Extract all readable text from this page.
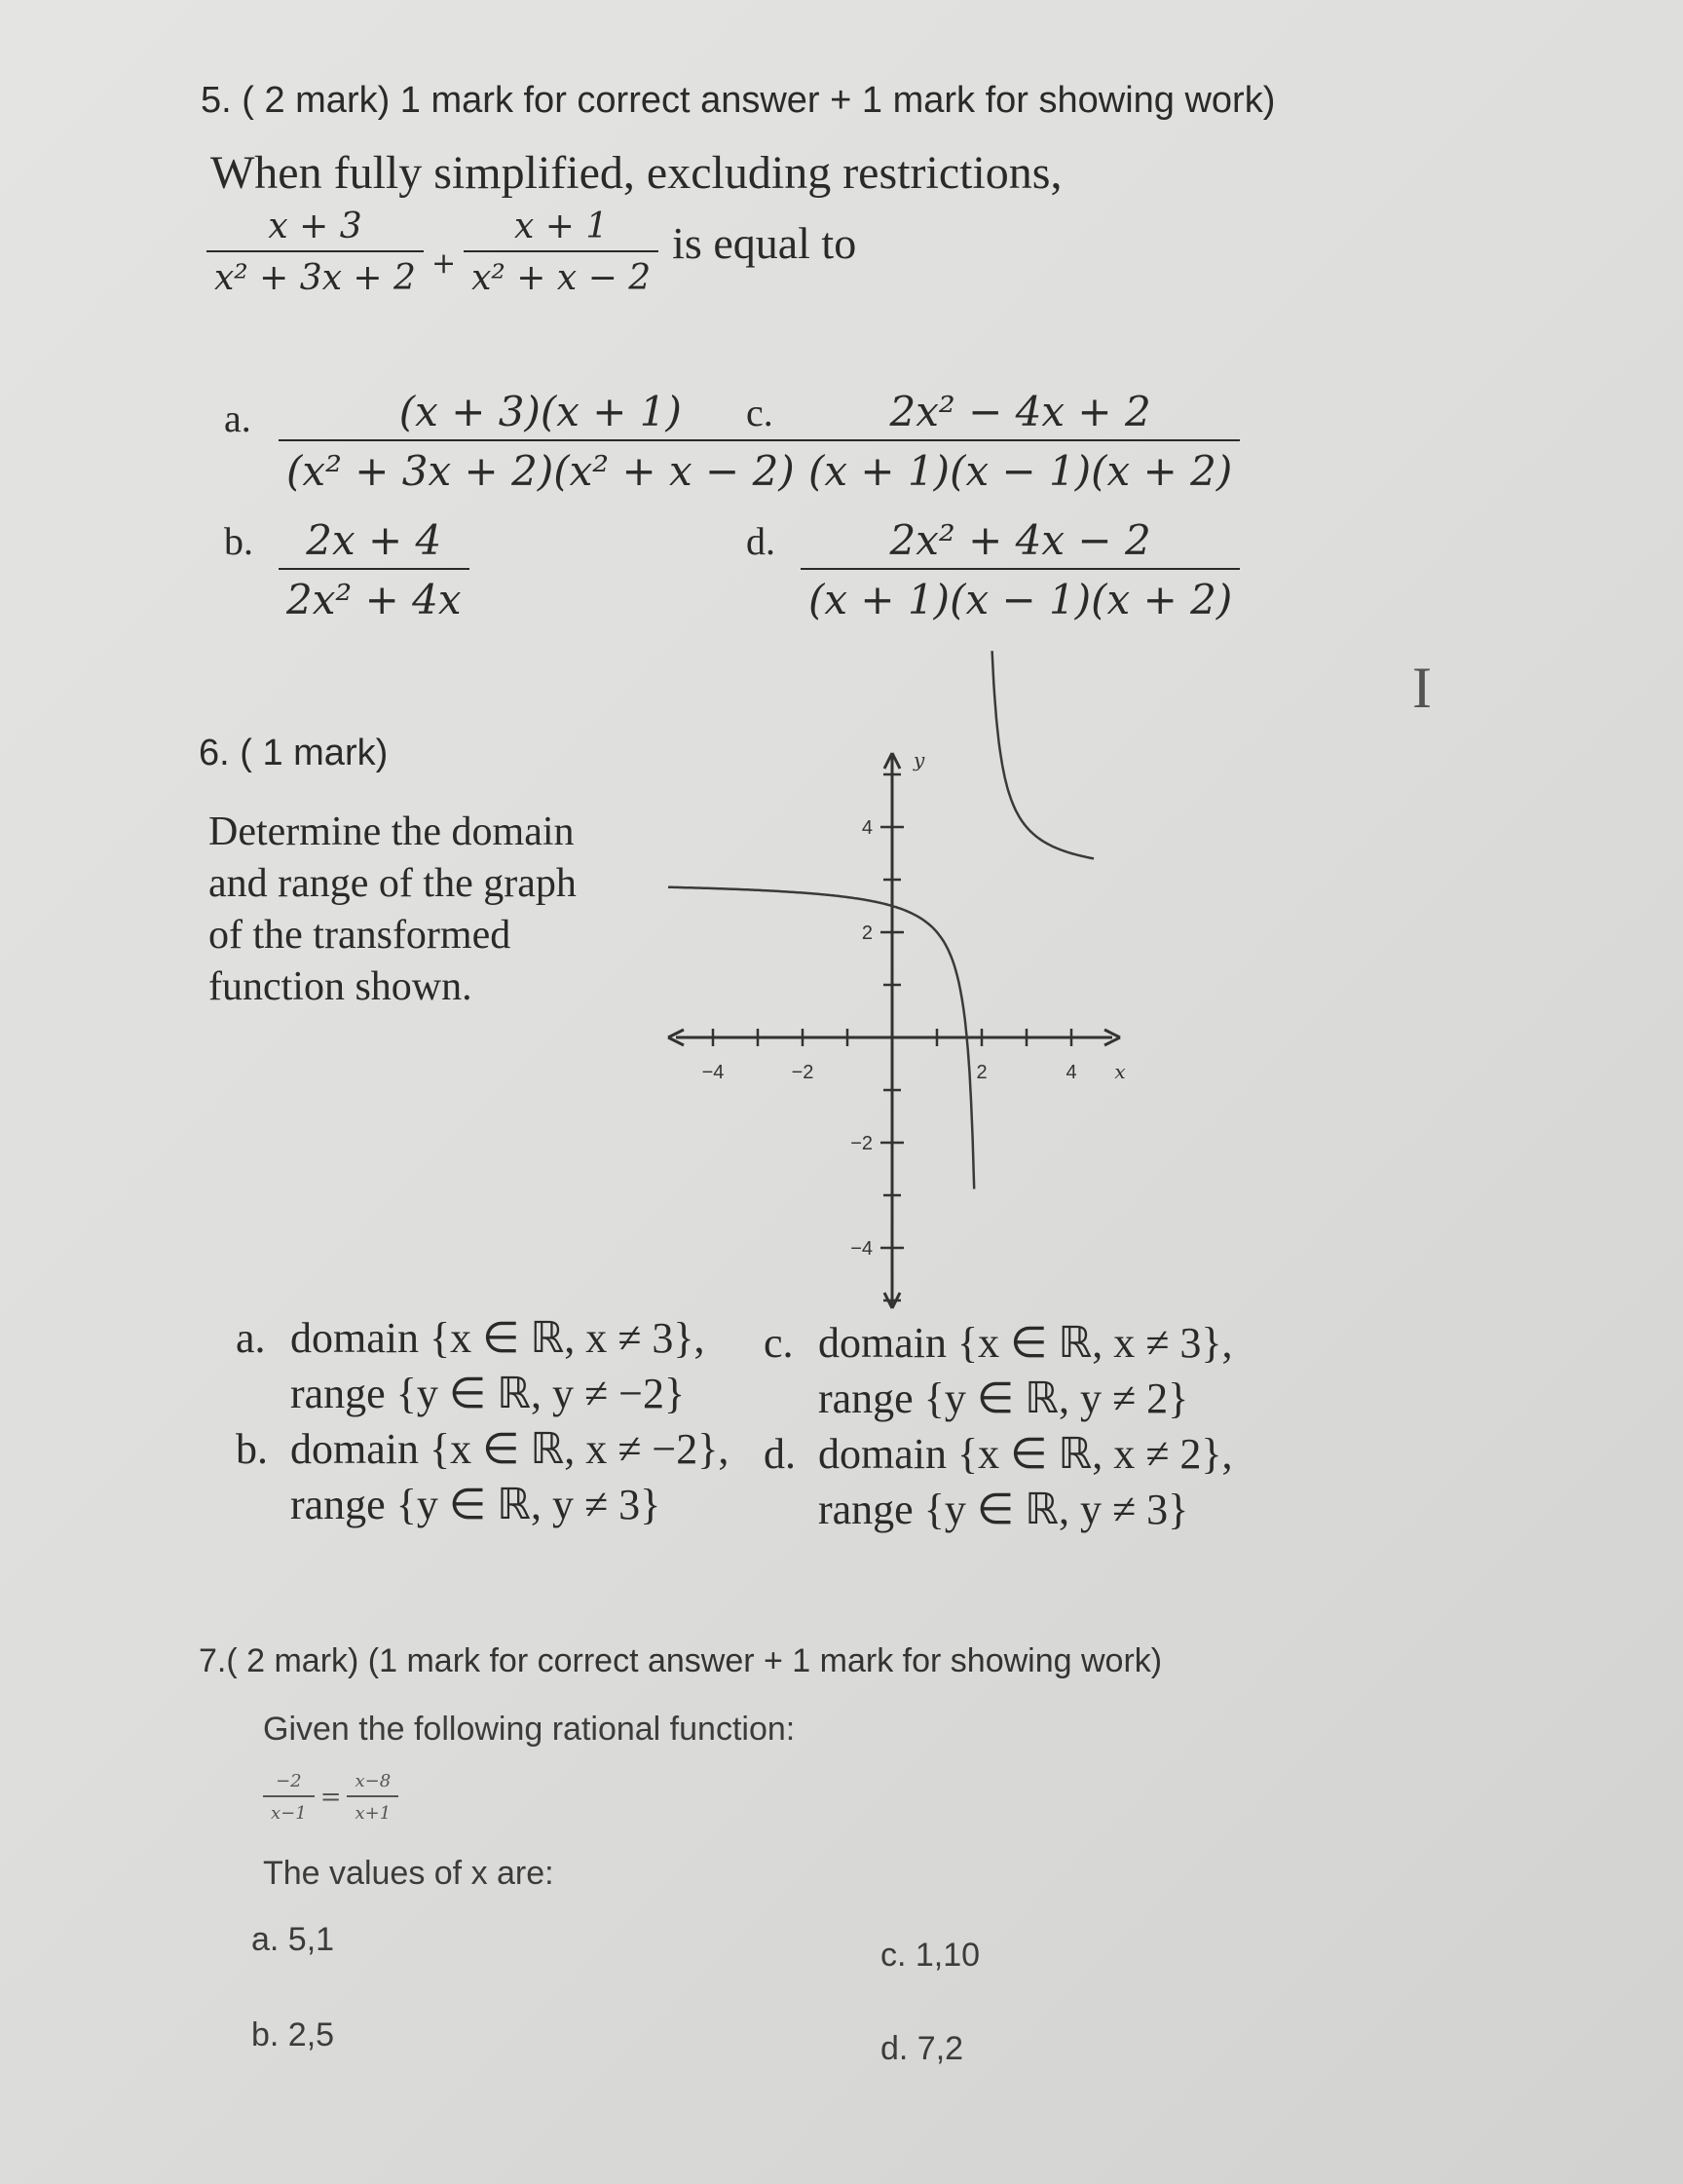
5. ( 2 mark) 1 mark for correct answer + 1 mark for showing work)
When fully simplified, excluding restrictions,
$\frac{x + 3}{\text{x² + 3x + 2}} + \frac{x + 1}{\text{x² + x − 2}}$ is equal to
a. $\frac{(x + 3)(x + 1)}{\text{(x² + 3x + 2)(x² + x − 2)}}$
b. $\frac{2x + 4}{\text{2x² + 4x}}$
c. $\frac{\text{2x² − 4x + 2}}{(x + 1)(x - 1)(x + 2)}$
d. $\frac{\text{2x² + 4x − 2}}{(x + 1)(x - 1)(x + 2)}$
I
6. ( 1 mark)
Determine the domain
and range of the graph
of the transformed
function shown.
−4	−2	2	4
4
2
−2
−4
x
y
a. domain {x ∈ ℝ, x ≠ 3},
range {y ∈ ℝ, y ≠ −2}
b. domain {x ∈ ℝ, x ≠ −2},
range {y ∈ ℝ, y ≠ 3}
c. domain {x ∈ ℝ, x ≠ 3},
range {y ∈ ℝ, y ≠ 2}
d. domain {x ∈ ℝ, x ≠ 2},
range {y ∈ ℝ, y ≠ 3}
7.( 2 mark) (1 mark for correct answer + 1 mark for showing work)
Given the following rational function:
$\frac{-2}{x-1} = \frac{x-8}{x+1}$
The values of x are:
a. 5,1
b. 2,5
c. 1,10
d. 7,2
